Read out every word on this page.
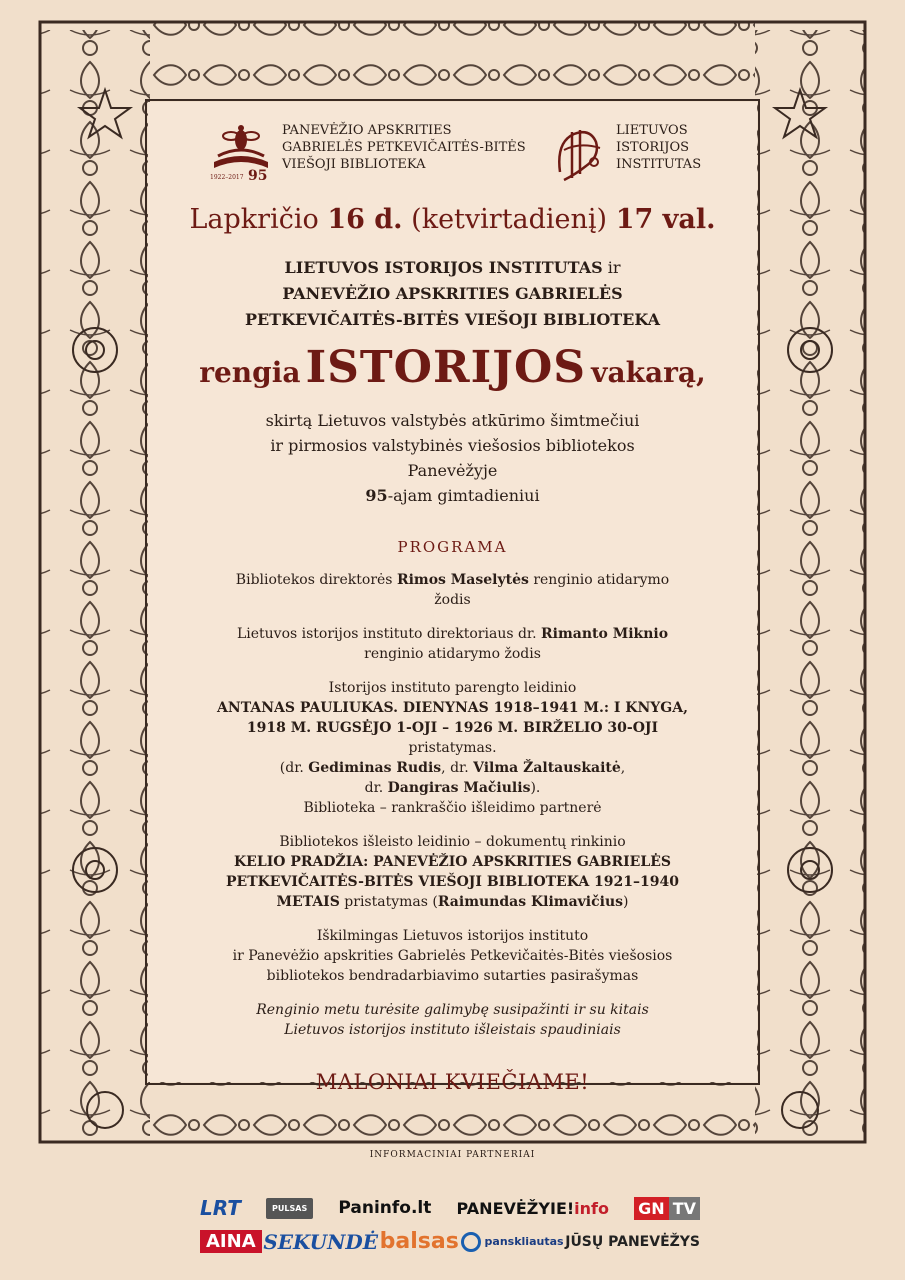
1922–2017 95
PANEVĖŽIO APSKRITIES
GABRIELĖS PETKEVIČAITĖS-BITĖS
VIEŠOJI BIBLIOTEKA
LIETUVOS
ISTORIJOS
INSTITUTAS
Lapkričio 16 d. (ketvirtadienį) 17 val.
LIETUVOS ISTORIJOS INSTITUTAS ir
PANEVĖŽIO APSKRITIES GABRIELĖS
PETKEVIČAITĖS-BITĖS VIEŠOJI BIBLIOTEKA
rengia ISTORIJOS vakarą,
skirtą Lietuvos valstybės atkūrimo šimtmečiui
ir pirmosios valstybinės viešosios bibliotekos
Panevėžyje
95-ajam gimtadieniui
PROGRAMA
Bibliotekos direktorės Rimos Maselytės renginio atidarymo
žodis
Lietuvos istorijos instituto direktoriaus dr. Rimanto Miknio
renginio atidarymo žodis
Istorijos instituto parengto leidinio
ANTANAS PAULIUKAS. DIENYNAS 1918–1941 M.: I KNYGA,
1918 M. RUGSĖJO 1-OJI – 1926 M. BIRŽELIO 30-OJI
pristatymas.
(dr. Gediminas Rudis, dr. Vilma Žaltauskaitė,
dr. Dangiras Mačiulis).
Biblioteka – rankraščio išleidimo partnerė
Bibliotekos išleisto leidinio – dokumentų rinkinio
KELIO PRADŽIA: PANEVĖŽIO APSKRITIES GABRIELĖS
PETKEVIČAITĖS-BITĖS VIEŠOJI BIBLIOTEKA 1921–1940
METAIS pristatymas (Raimundas Klimavičius)
Iškilmingas Lietuvos istorijos instituto
ir Panevėžio apskrities Gabrielės Petkevičaitės-Bitės viešosios
bibliotekos bendradarbiavimo sutarties pasirašymas
Renginio metu turėsite galimybę susipažinti ir su kitais
Lietuvos istorijos instituto išleistais spaudiniais
MALONIAI KVIEČIAME!
INFORMACINIAI PARTNERIAI
LRT	PULSAS	Paninfo.lt PANEVĖŽYIE!info GN TV
AINA SEKUNDĖ balsas panskliautas JŪSŲ PANEVĖŽYS
